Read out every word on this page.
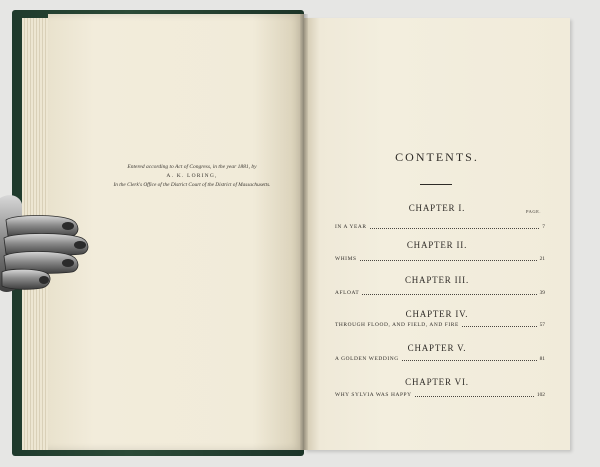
Entered according to Act of Congress, in the year 1881, by
A. K. LORING,
In the Clerk's Office of the District Court of the District of Massachusetts.
CONTENTS.
PAGE.
CHAPTER I.
IN A YEAR	7
CHAPTER II.
WHIMS	21
CHAPTER III.
AFLOAT	39
CHAPTER IV.
THROUGH FLOOD, AND FIELD, AND FIRE	57
CHAPTER V.
A GOLDEN WEDDING	81
CHAPTER VI.
WHY SYLVIA WAS HAPPY	102
